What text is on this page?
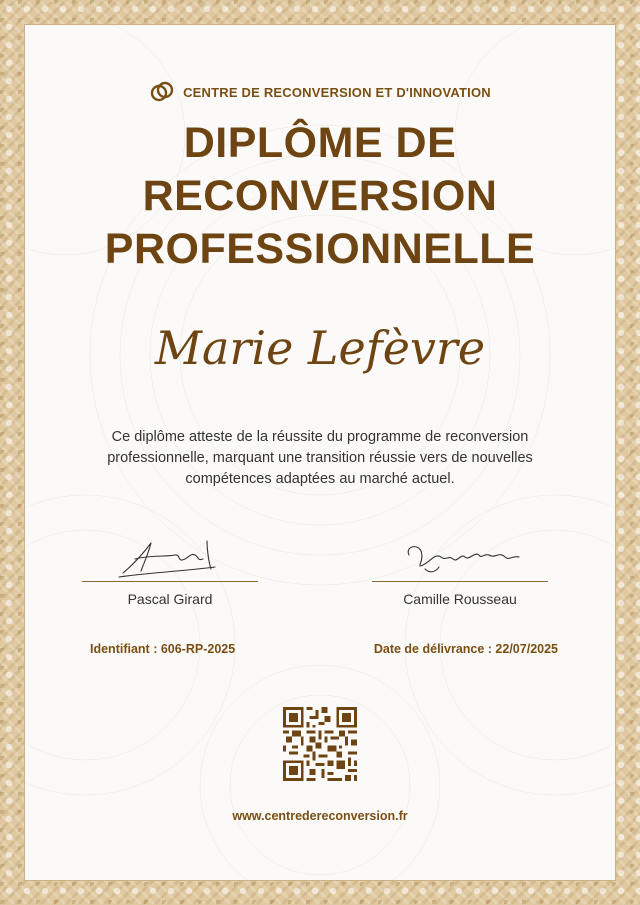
CENTRE DE RECONVERSION ET D'INNOVATION
DIPLÔME DE
RECONVERSION
PROFESSIONNELLE
Marie Lefèvre
Ce diplôme atteste de la réussite du programme de reconversion professionnelle, marquant une transition réussie vers de nouvelles compétences adaptées au marché actuel.
Pascal Girard	Camille Rousseau
Identifiant : 606-RP-2025	Date de délivrance : 22/07/2025
www.centredereconversion.fr
